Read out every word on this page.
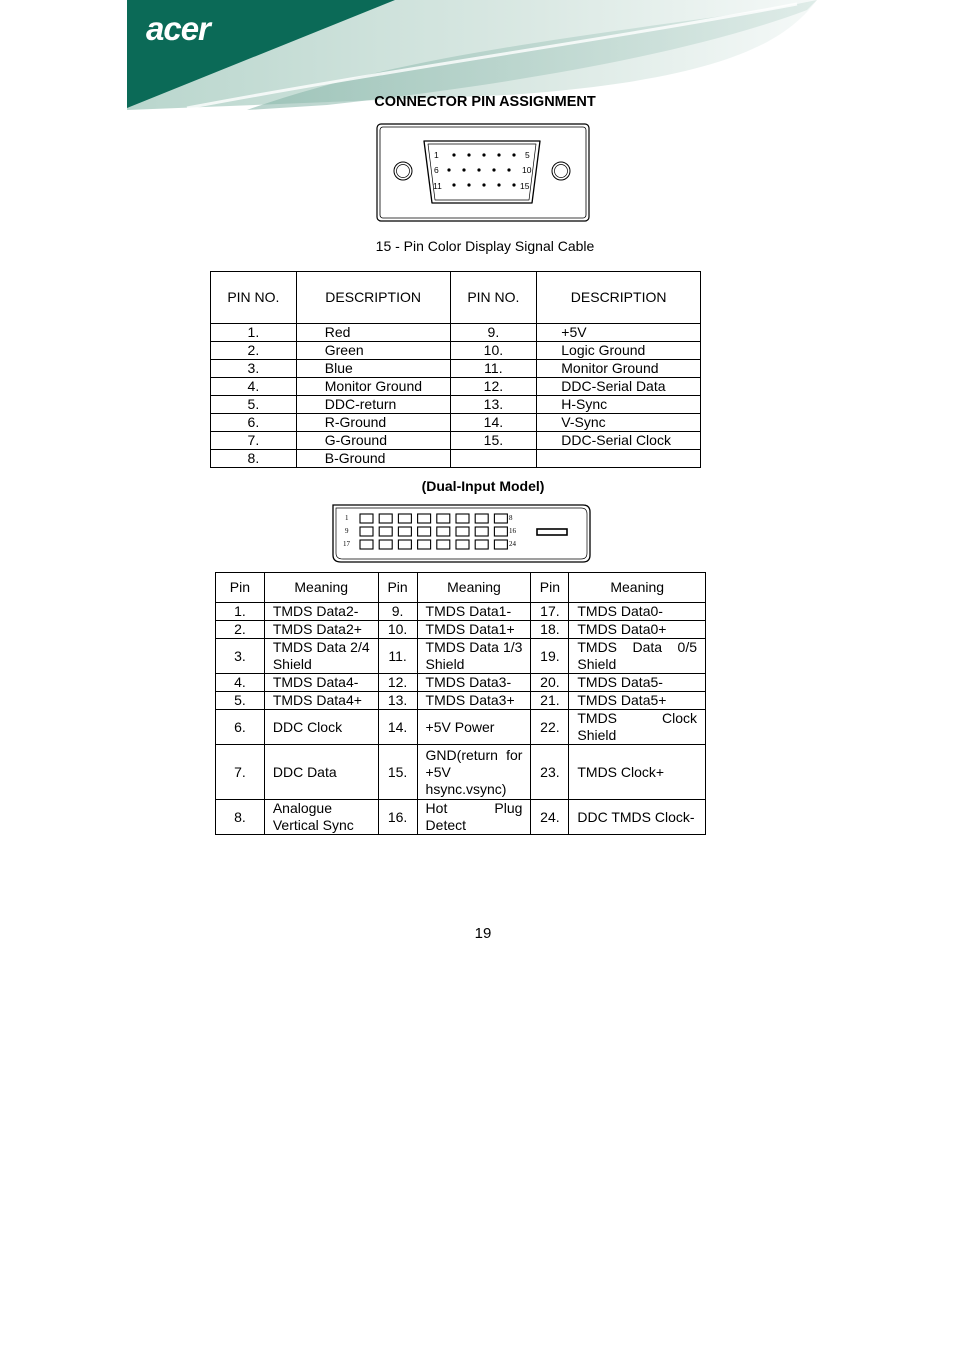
acer
CONNECTOR PIN ASSIGNMENT
1	5
6	10
11	15
15 - Pin Color Display Signal Cable
PIN NO.	DESCRIPTION	PIN NO.	DESCRIPTION
1.	Red	9.	+5V
2.	Green	10.	Logic Ground
3.	Blue	11.	Monitor Ground
4.	Monitor Ground	12.	DDC-Serial Data
5.	DDC-return	13.	H-Sync
6.	R-Ground	14.	V-Sync
7.	G-Ground	15.	DDC-Serial Clock
8.	B-Ground		
(Dual-Input Model)
1
9
17
8
16
24
Pin	Meaning	Pin	Meaning	Pin	Meaning
1.	TMDS Data2-	9.	TMDS Data1-	17.	TMDS Data0-
2.	TMDS Data2+	10.	TMDS Data1+	18.	TMDS Data0+
3.	TMDS Data 2/4 Shield	11.	TMDS Data 1/3 Shield	19.	TMDS Data 0/5 Shield
4.	TMDS Data4-	12.	TMDS Data3-	20.	TMDS Data5-
5.	TMDS Data4+	13.	TMDS Data3+	21.	TMDS Data5+
6.	DDC Clock	14.	+5V Power	22.	TMDS Clock Shield
7.	DDC Data	15.	GND(return for +5V hsync.vsync)	23.	TMDS Clock+
8.	Analogue Vertical Sync	16.	Hot Plug Detect	24.	DDC TMDS Clock-
19
